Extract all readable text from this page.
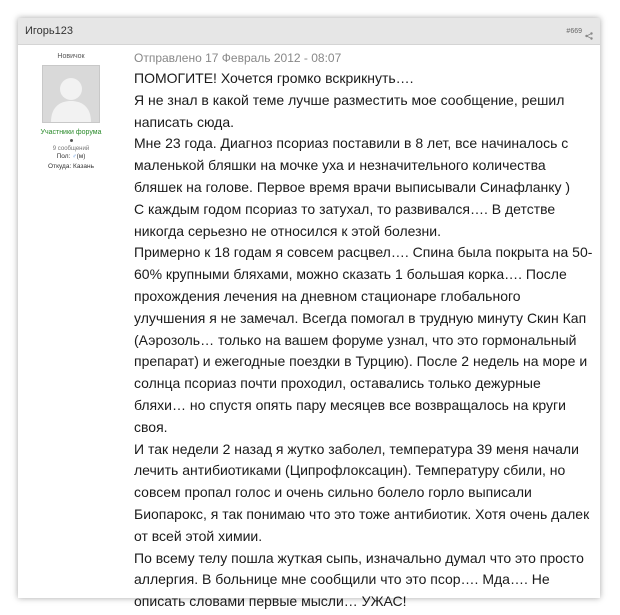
Игорь123	#669
Новичок
Участники форума
9 сообщений
Пол: ♂(м)
Откуда: Казань
Отправлено 17 Февраль 2012 - 08:07

ПОМОГИТЕ! Хочется громко вскрикнуть….

Я не знал в какой теме лучше разместить мое сообщение, решил написать сюда.

Мне 23 года. Диагноз псориаз поставили в 8 лет, все начиналось с маленькой бляшки на мочке уха и незначительного количества бляшек на голове. Первое время врачи выписывали Синафланку )

С каждым годом псориаз то затухал, то развивался…. В детстве никогда серьезно не относился к этой болезни.

Примерно к 18 годам я совсем расцвел…. Спина была покрыта на 50-60% крупными бляхами, можно сказать 1 большая корка…. После прохождения лечения на дневном стационаре глобального улучшения я не замечал. Всегда помогал в трудную минуту Скин Кап (Аэрозоль… только на вашем форуме узнал, что это гормональный препарат) и ежегодные поездки в Турцию). После 2 недель на море и солнца псориаз почти проходил, оставались только дежурные бляхи… но спустя опять пару месяцев все возвращалось на круги своя.

И так недели 2 назад я жутко заболел, температура 39 меня начали лечить антибиотиками (Ципрофлоксацин). Температуру сбили, но совсем пропал голос и очень сильно болело горло выписали Биопарокс, я так понимаю что это тоже антибиотик. Хотя очень далек от всей этой химии.

По всему телу пошла жуткая сыпь, изначально думал что это просто аллергия. В больнице мне сообщили что это псор…. Мда…. Не описать словами первые мысли… УЖАС!
